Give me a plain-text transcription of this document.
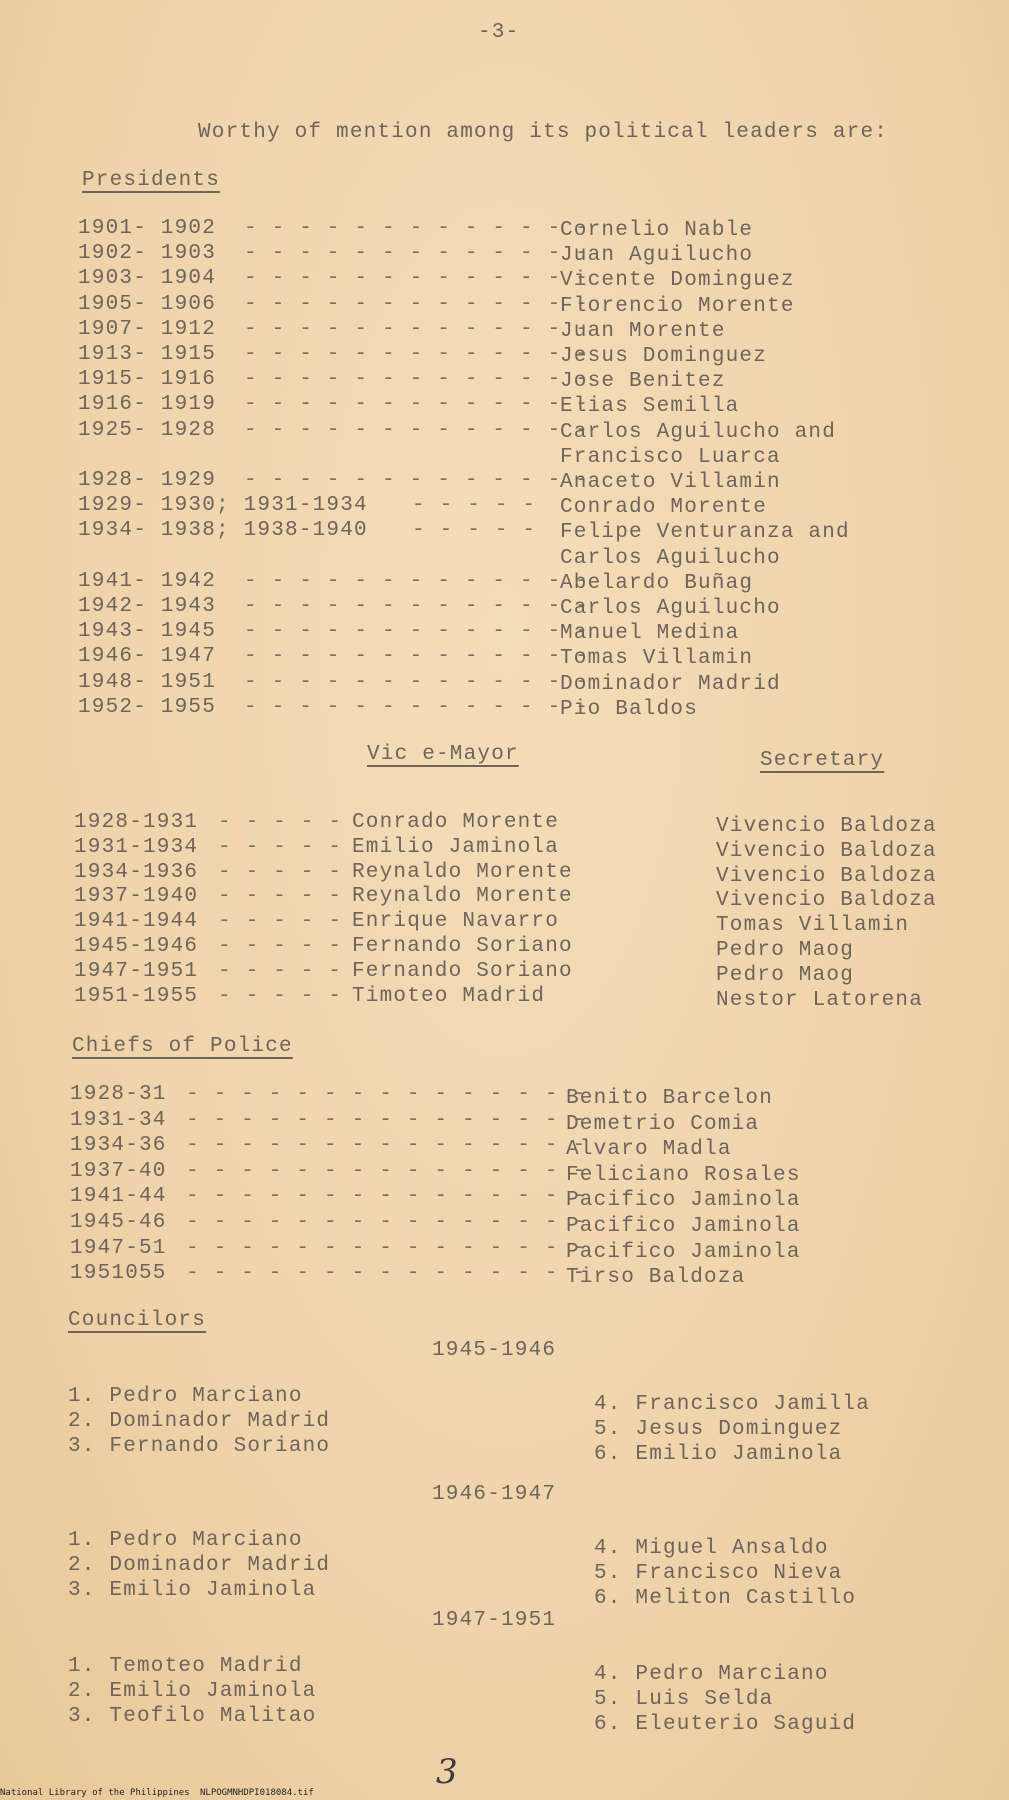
-3-
Worthy of mention among its political leaders are:
Presidents
1901- 1902 - - - - - - - - - - - - -
Cornelio Nable
1902- 1903 - - - - - - - - - - - - -
Juan Aguilucho
1903- 1904 - - - - - - - - - - - - -
Vicente Dominguez
1905- 1906 - - - - - - - - - - - - -
Florencio Morente
1907- 1912 - - - - - - - - - - - - -
Juan Morente
1913- 1915 - - - - - - - - - - - - -
Jesus Dominguez
1915- 1916 - - - - - - - - - - - - -
Jose Benitez
1916- 1919 - - - - - - - - - - - - -
Elias Semilla
1925- 1928 - - - - - - - - - - - - -
Carlos Aguilucho and
Francisco Luarca
1928- 1929 - - - - - - - - - - - - -
Anaceto Villamin
1929- 1930; 1931-1934 - - - - - Conrado Morente
1934- 1938; 1938-1940 - - - - - Felipe Venturanza and
Carlos Aguilucho
1941- 1942 - - - - - - - - - - - - -
Abelardo Buñag
1942- 1943 - - - - - - - - - - - - -
Carlos Aguilucho
1943- 1945 - - - - - - - - - - - - -
Manuel Medina
1946- 1947 - - - - - - - - - - - - -
Tomas Villamin
1948- 1951 - - - - - - - - - - - - -
Dominador Madrid
1952- 1955 - - - - - - - - - - - - -
Pio Baldos
Vic e-Mayor	Secretary
1928-1931 - - - - - Conrado Morente
1931-1934 - - - - - Emilio Jaminola
1934-1936 - - - - - Reynaldo Morente
1937-1940 - - - - - Reynaldo Morente
1941-1944 - - - - - Enrique Navarro
1945-1946 - - - - - Fernando Soriano
1947-1951 - - - - - Fernando Soriano
1951-1955 - - - - - Timoteo Madrid
Vivencio Baldoza
Vivencio Baldoza
Vivencio Baldoza
Vivencio Baldoza
Tomas Villamin
Pedro Maog
Pedro Maog
Nestor Latorena
Chiefs of Police
1928-31 - - - - - - - - - - - - - - -
Benito Barcelon
1931-34 - - - - - - - - - - - - - - -
Demetrio Comia
1934-36 - - - - - - - - - - - - - - -
Alvaro Madla
1937-40 - - - - - - - - - - - - - - -
Feliciano Rosales
1941-44 - - - - - - - - - - - - - - -
Pacifico Jaminola
1945-46 - - - - - - - - - - - - - - -
Pacifico Jaminola
1947-51 - - - - - - - - - - - - - - -
Pacifico Jaminola
1951055 - - - - - - - - - - - - - - -
Tirso Baldoza
Councilors
1945-1946
1. Pedro Marciano
2. Dominador Madrid
3. Fernando Soriano
4. Francisco Jamilla
5. Jesus Dominguez
6. Emilio Jaminola
1946-1947
1. Pedro Marciano
2. Dominador Madrid
3. Emilio Jaminola
4. Miguel Ansaldo
5. Francisco Nieva
6. Meliton Castillo
1947-1951
1. Temoteo Madrid
2. Emilio Jaminola
3. Teofilo Malitao
4. Pedro Marciano
5. Luis Selda
6. Eleuterio Saguid
3
National Library of the Philippines NLPOGMNHDPI018084.tif
